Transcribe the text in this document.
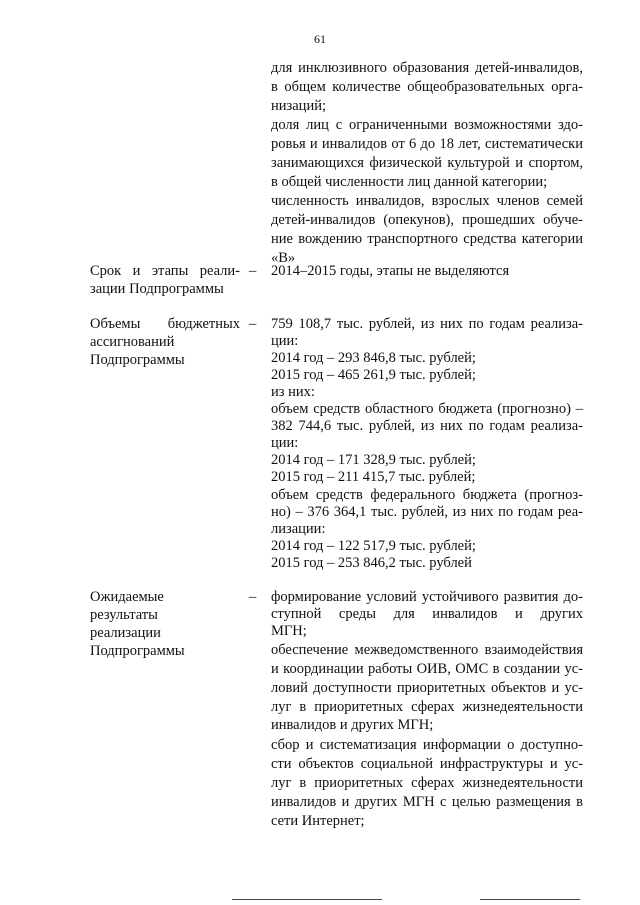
61
для инклюзивного образования детей-инвалидов,
в общем количестве общеобразовательных орга-
низаций;
доля лиц с ограниченными возможностями здо-
ровья и инвалидов от 6 до 18 лет, систематически
занимающихся физической культурой и спортом,
в общей численности лиц данной категории;
численность инвалидов, взрослых членов семей
детей-инвалидов (опекунов), прошедших обуче-
ние вождению транспортного средства категории
«В»
Срок и этапы реали-
зации Подпрограммы
– 2014–2015 годы, этапы не выделяются
Объемы бюджетных
ассигнований
Подпрограммы
– 759 108,7 тыс. рублей, из них по годам реализа-
ции:
2014 год – 293 846,8 тыс. рублей;
2015 год – 465 261,9 тыс. рублей;
из них:
объем средств областного бюджета (прогнозно) –
382 744,6 тыс. рублей, из них по годам реализа-
ции:
2014 год – 171 328,9 тыс. рублей;
2015 год – 211 415,7 тыс. рублей;
объем средств федерального бюджета (прогноз-
но) – 376 364,1 тыс. рублей, из них по годам реа-
лизации:
2014 год – 122 517,9 тыс. рублей;
2015 год – 253 846,2 тыс. рублей
Ожидаемые
результаты
реализации
Подпрограммы
– формирование условий устойчивого развития до-
ступной среды для инвалидов и других
МГН;
обеспечение межведомственного взаимодействия
и координации работы ОИВ, ОМС в создании ус-
ловий доступности приоритетных объектов и ус-
луг в приоритетных сферах жизнедеятельности
инвалидов и других МГН;
сбор и систематизация информации о доступно-
сти объектов социальной инфраструктуры и ус-
луг в приоритетных сферах жизнедеятельности
инвалидов и других МГН с целью размещения в
сети Интернет;
